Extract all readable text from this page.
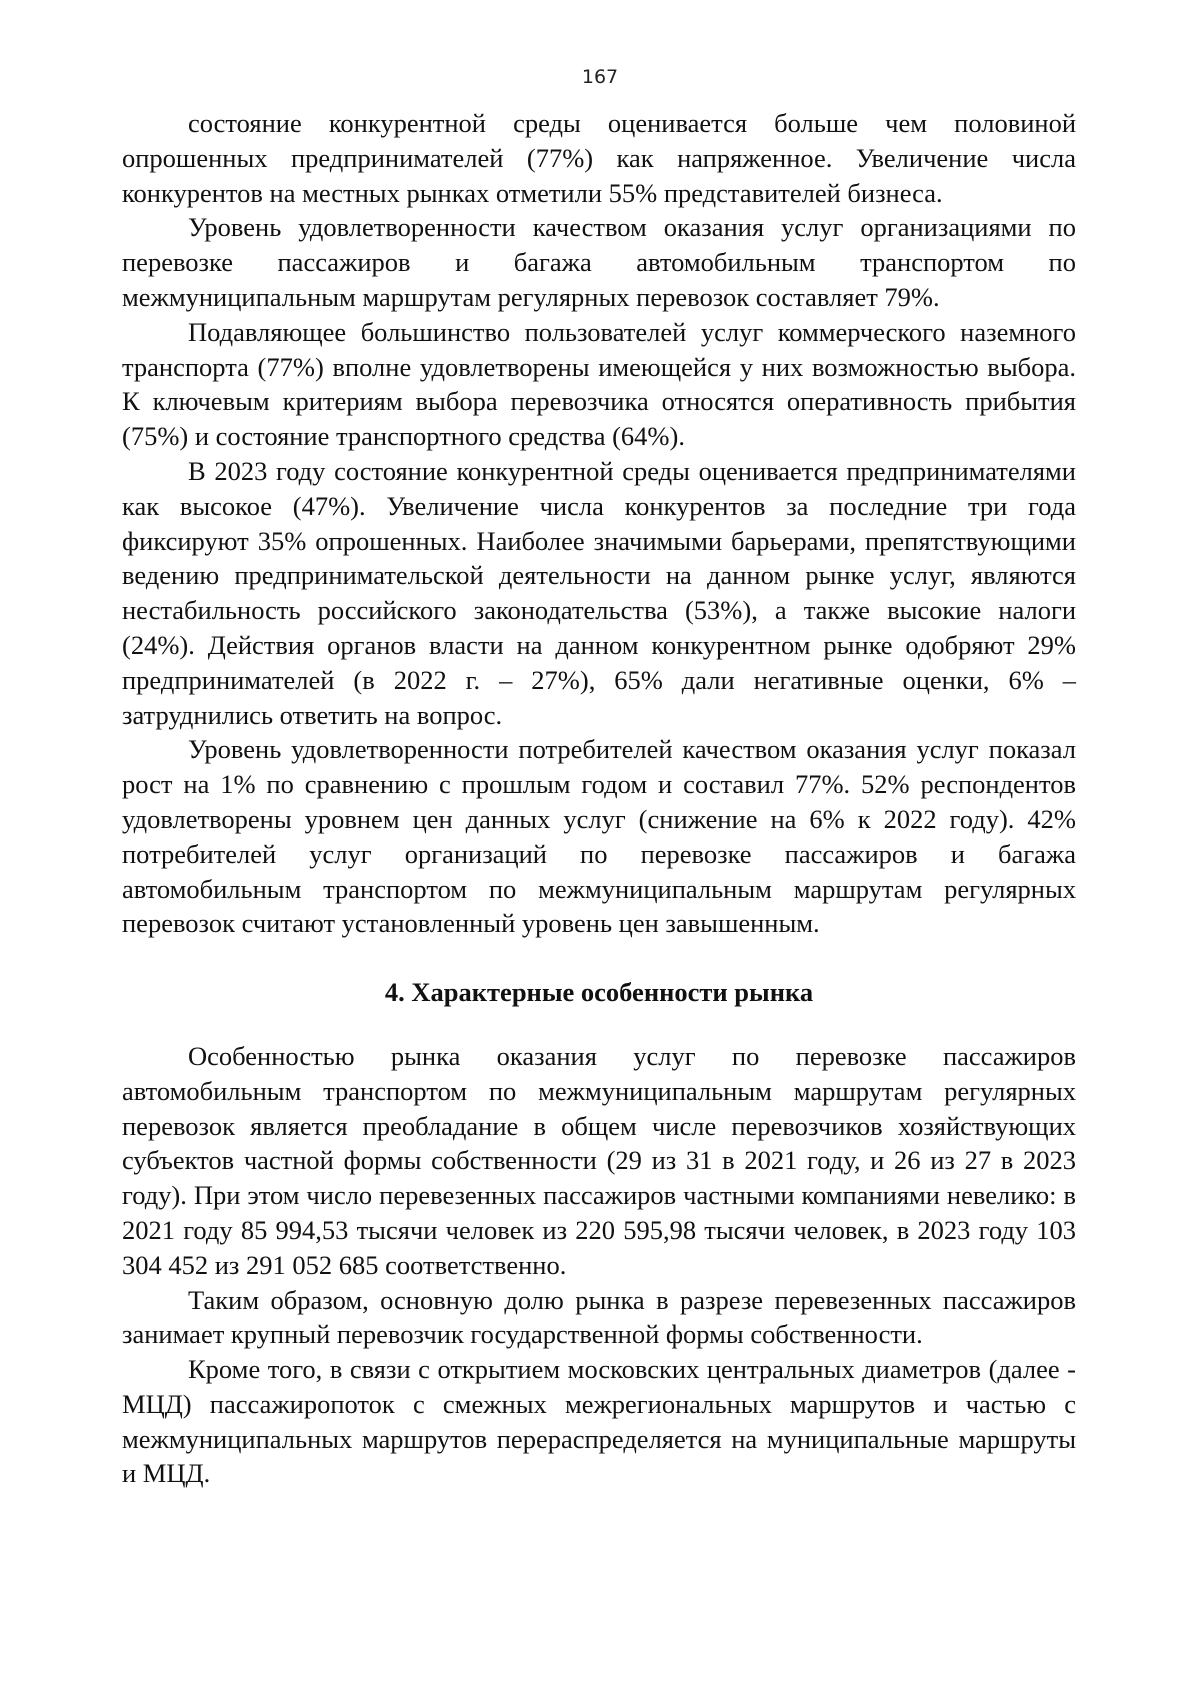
167

состояние конкурентной среды оценивается больше чем половиной опрошенных предпринимателей (77%) как напряженное. Увеличение числа конкурентов на местных рынках отметили 55% представителей бизнеса.

Уровень удовлетворенности качеством оказания услуг организациями по перевозке пассажиров и багажа автомобильным транспортом по межмуниципальным маршрутам регулярных перевозок составляет 79%.

Подавляющее большинство пользователей услуг коммерческого наземного транспорта (77%) вполне удовлетворены имеющейся у них возможностью выбора. К ключевым критериям выбора перевозчика относятся оперативность прибытия (75%) и состояние транспортного средства (64%).

В 2023 году состояние конкурентной среды оценивается предпринимателями как высокое (47%). Увеличение числа конкурентов за последние три года фиксируют 35% опрошенных. Наиболее значимыми барьерами, препятствующими ведению предпринимательской деятельности на данном рынке услуг, являются нестабильность российского законодательства (53%), а также высокие налоги (24%). Действия органов власти на данном конкурентном рынке одобряют 29% предпринимателей (в 2022 г. – 27%), 65% дали негативные оценки, 6% – затруднились ответить на вопрос.

Уровень удовлетворенности потребителей качеством оказания услуг показал рост на 1% по сравнению с прошлым годом и составил 77%. 52% респондентов удовлетворены уровнем цен данных услуг (снижение на 6% к 2022 году). 42% потребителей услуг организаций по перевозке пассажиров и багажа автомобильным транспортом по межмуниципальным маршрутам регулярных перевозок считают установленный уровень цен завышенным.

4. Характерные особенности рынка

Особенностью рынка оказания услуг по перевозке пассажиров автомобильным транспортом по межмуниципальным маршрутам регулярных перевозок является преобладание в общем числе перевозчиков хозяйствующих субъектов частной формы собственности (29 из 31 в 2021 году, и 26 из 27 в 2023 году). При этом число перевезенных пассажиров частными компаниями невелико: в 2021 году 85 994,53 тысячи человек из 220 595,98 тысячи человек, в 2023 году 103 304 452 из 291 052 685 соответственно.

Таким образом, основную долю рынка в разрезе перевезенных пассажиров занимает крупный перевозчик государственной формы собственности.

Кроме того, в связи с открытием московских центральных диаметров (далее - МЦД) пассажиропоток с смежных межрегиональных маршрутов и частью с межмуниципальных маршрутов перераспределяется на муниципальные маршруты и МЦД.
